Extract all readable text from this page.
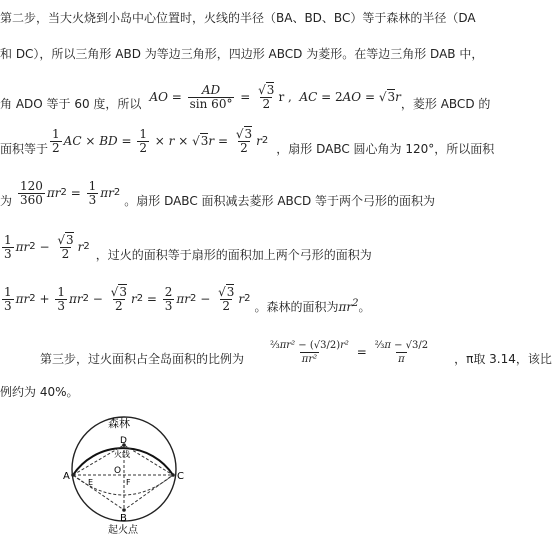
第二步，当大火烧到小岛中心位置时，火线的半径（BA、BD、BC）等于森林的半径（DA
和 DC），所以三角形 ABD 为等边三角形，四边形 ABCD 为菱形。在等边三角形 DAB 中，
角 ADO 等于 60 度，所以 AO = $\frac{AD}{\sin 60^\circ} = \frac{√3}{2}$ r , AC = 2 AO = √3 r ，菱形 ABCD 的
面积等于 $\frac{1}{2}$ AC × BD = $\frac{1}{2} \times r \times √3$ $r = \frac{√3}{2}$ r 2
，扇形 DABC 圆心角为 120°，所以面积
为 $\frac{120}{360}$ πr $2 = \frac{1}{3}$ πr 2
。扇形 DABC 面积减去菱形 ABCD 等于两个弓形的面积为
$\frac{1}{3}$ πr $2 - \frac{√3}{2}$ r 2
，过火的面积等于扇形的面积加上两个弓形的面积为
$\frac{1}{3}$ πr $2 + \frac{1}{3}$ πr $2 - \frac{√3}{2}$ r $2 = \frac{2}{3}$ πr $2 - \frac{√3}{2}$ r 2
。森林的面积为 $\pi r^2$ 。
第三步，过火面积占全岛面积的比例为 $\frac{\text{⅔πr² − (√3/2)r²}}{\text{πr²}} = \frac{\text{⅔π − √3/2}}{\pi}$ ，π取 3.14，该比
例约为 40%。
森林
D
火线
A	C
O
F
E
B
起火点
